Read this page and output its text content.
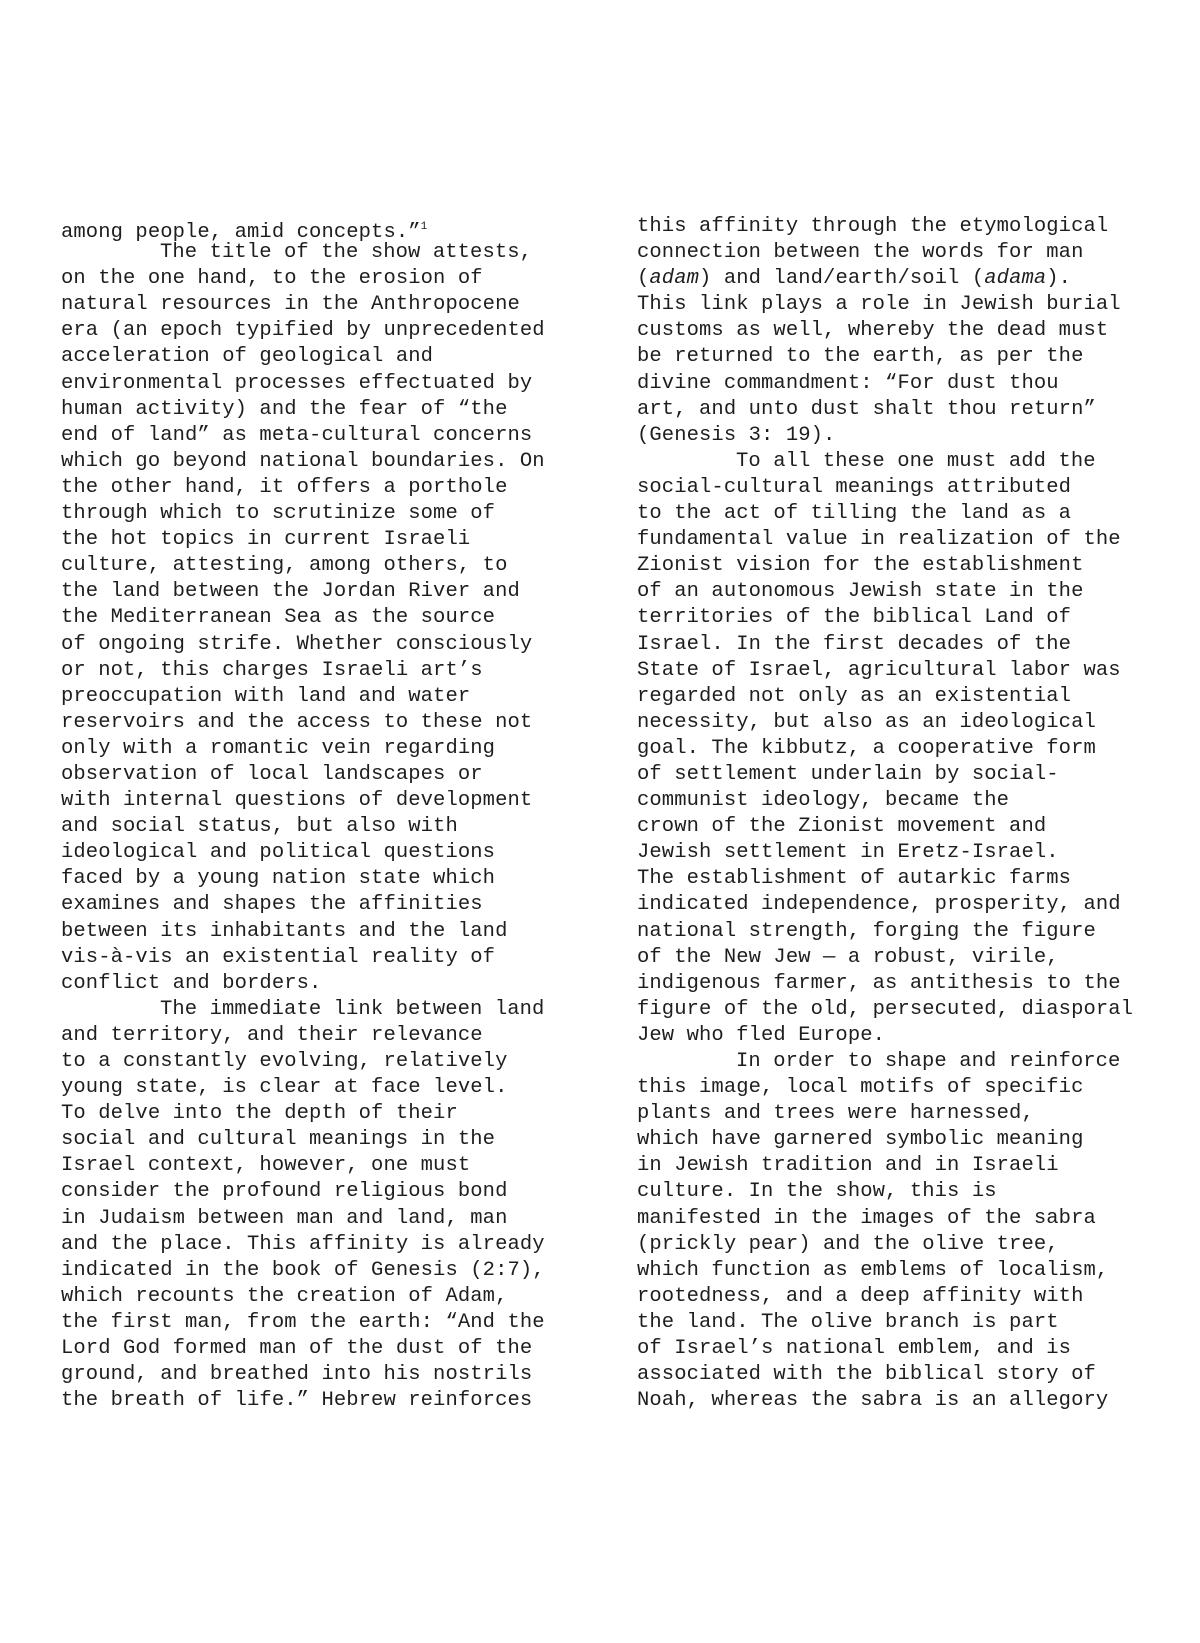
among people, amid concepts.”$^1$
The title of the show attests,
on the one hand, to the erosion of
natural resources in the Anthropocene
era (an epoch typified by unprecedented
acceleration of geological and
environmental processes effectuated by
human activity) and the fear of “the
end of land” as meta-cultural concerns
which go beyond national boundaries. On
the other hand, it offers a porthole
through which to scrutinize some of
the hot topics in current Israeli
culture, attesting, among others, to
the land between the Jordan River and
the Mediterranean Sea as the source
of ongoing strife. Whether consciously
or not, this charges Israeli art’s
preoccupation with land and water
reservoirs and the access to these not
only with a romantic vein regarding
observation of local landscapes or
with internal questions of development
and social status, but also with
ideological and political questions
faced by a young nation state which
examines and shapes the affinities
between its inhabitants and the land
vis-à-vis an existential reality of
conflict and borders.
The immediate link between land
and territory, and their relevance
to a constantly evolving, relatively
young state, is clear at face level.
To delve into the depth of their
social and cultural meanings in the
Israel context, however, one must
consider the profound religious bond
in Judaism between man and land, man
and the place. This affinity is already
indicated in the book of Genesis (2:7),
which recounts the creation of Adam,
the first man, from the earth: “And the
Lord God formed man of the dust of the
ground, and breathed into his nostrils
the breath of life.” Hebrew reinforces
this affinity through the etymological
connection between the words for man
(adam) and land/earth/soil (adama).
This link plays a role in Jewish burial
customs as well, whereby the dead must
be returned to the earth, as per the
divine commandment: “For dust thou
art, and unto dust shalt thou return”
(Genesis 3: 19).
To all these one must add the
social-cultural meanings attributed
to the act of tilling the land as a
fundamental value in realization of the
Zionist vision for the establishment
of an autonomous Jewish state in the
territories of the biblical Land of
Israel. In the first decades of the
State of Israel, agricultural labor was
regarded not only as an existential
necessity, but also as an ideological
goal. The kibbutz, a cooperative form
of settlement underlain by social-
communist ideology, became the
crown of the Zionist movement and
Jewish settlement in Eretz-Israel.
The establishment of autarkic farms
indicated independence, prosperity, and
national strength, forging the figure
of the New Jew — a robust, virile,
indigenous farmer, as antithesis to the
figure of the old, persecuted, diasporal
Jew who fled Europe.
In order to shape and reinforce
this image, local motifs of specific
plants and trees were harnessed,
which have garnered symbolic meaning
in Jewish tradition and in Israeli
culture. In the show, this is
manifested in the images of the sabra
(prickly pear) and the olive tree,
which function as emblems of localism,
rootedness, and a deep affinity with
the land. The olive branch is part
of Israel’s national emblem, and is
associated with the biblical story of
Noah, whereas the sabra is an allegory
